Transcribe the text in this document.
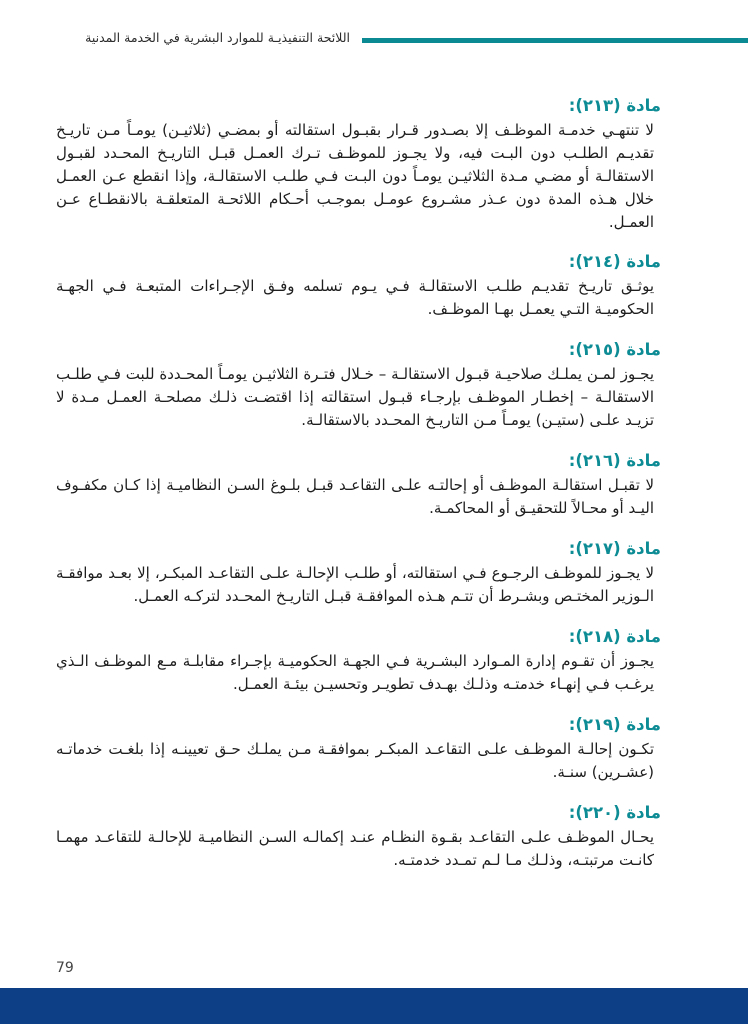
اللائحة التنفيذيـة للموارد البشرية في الخدمة المدنية
مادة (٢١٣):
لا تنتهـي خدمـة الموظـف إلا بصـدور قـرار بقبـول استقالته أو بمضـي (ثلاثيـن) يومـاً مـن تاريـخ تقديـم الطلـب دون البـت فيه، ولا يجـوز للموظـف تـرك العمـل قبـل التاريـخ المحـدد لقبـول الاستقالـة أو مضـي مـدة الثلاثيـن يومـاً دون البـت فـي طلـب الاستقالـة، وإذا انقطع عـن العمـل خلال هـذه المدة دون عـذر مشـروع عومـل بموجـب أحـكام اللائحـة المتعلقـة بالانقطـاع عـن العمـل.
مادة (٢١٤):
يوثـق تاريـخ تقديـم طلـب الاستقالـة فـي يـوم تسلمه وفـق الإجـراءات المتبعـة فـي الجهـة الحكوميـة التـي يعمـل بهـا الموظـف.
مادة (٢١٥):
يجـوز لمـن يملـك صلاحيـة قبـول الاستقالـة – خـلال فتـرة الثلاثيـن يومـاً المحـددة للبت فـي طلـب الاستقالـة – إخطـار الموظـف بإرجـاء قبـول استقالته إذا اقتضـت ذلـك مصلحـة العمـل مـدة لا تزيـد علـى (ستيـن) يومـاً مـن التاريـخ المحـدد بالاستقالـة.
مادة (٢١٦):
لا تقبـل استقالـة الموظـف أو إحالتـه علـى التقاعـد قبـل بلـوغ السـن النظاميـة إذا كـان مكفـوف اليـد أو محـالاً للتحقيـق أو المحاكمـة.
مادة (٢١٧):
لا يجـوز للموظـف الرجـوع فـي استقالته، أو طلـب الإحالـة علـى التقاعـد المبكـر، إلا بعـد موافقـة الـوزير المختـص وبشـرط أن تتـم هـذه الموافقـة قبـل التاريـخ المحـدد لتركـه العمـل.
مادة (٢١٨):
يجـوز أن تقـوم إدارة المـوارد البشـرية فـي الجهـة الحكوميـة بإجـراء مقابلـة مـع الموظـف الـذي يرغـب فـي إنهـاء خدمتـه وذلـك بهـدف تطويـر وتحسيـن بيئـة العمـل.
مادة (٢١٩):
تكـون إحالـة الموظـف علـى التقاعـد المبكـر بموافقـة مـن يملـك حـق تعيينـه إذا بلغـت خدماتـه (عشـرين) سنـة.
مادة (٢٢٠):
يحـال الموظـف علـى التقاعـد بقـوة النظـام عنـد إكمالـه السـن النظاميـة للإحالـة للتقاعـد مهمـا كانـت مرتبتـه، وذلـك مـا لـم تمـدد خدمتـه.
79
